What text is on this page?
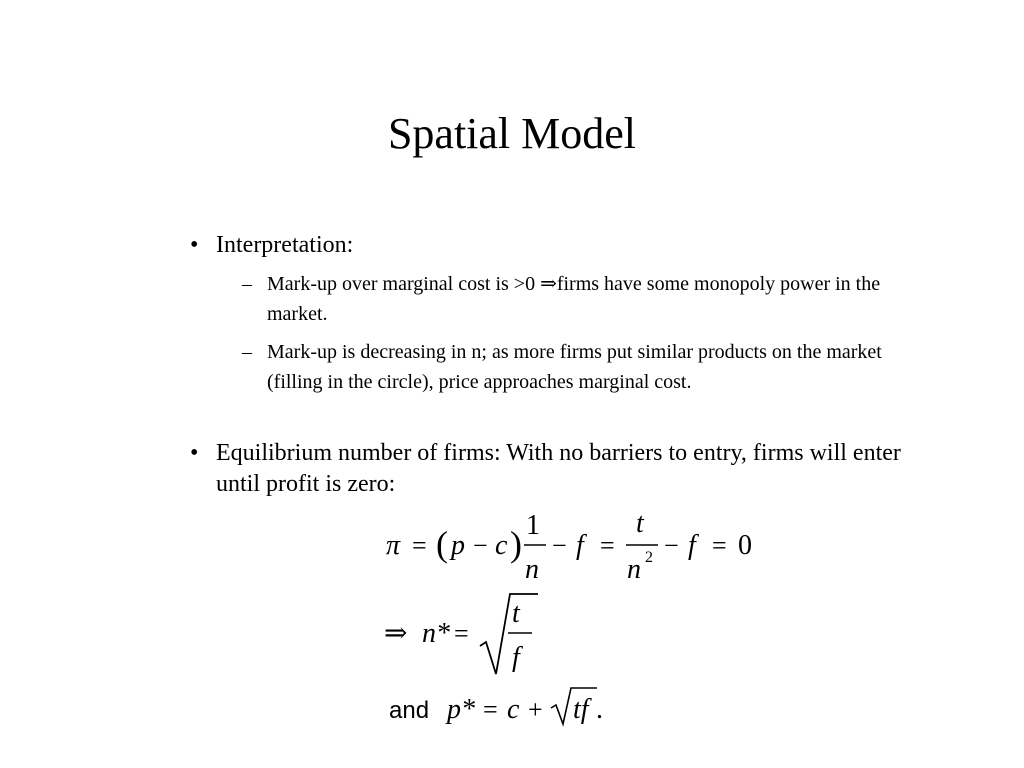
Spatial Model
• Interpretation:
– Mark-up over marginal cost is >0 ⇒firms have some monopoly power in the market.
– Mark-up is decreasing in n; as more firms put similar products on the market (filling in the circle), price approaches marginal cost.
• Equilibrium number of firms: With no barriers to entry, firms will enter until profit is zero:
π = ( p − c ) 1
n
− f =
t
n 2 − f = 0
⇒ n* =
t
f
and p* = c + tf .
